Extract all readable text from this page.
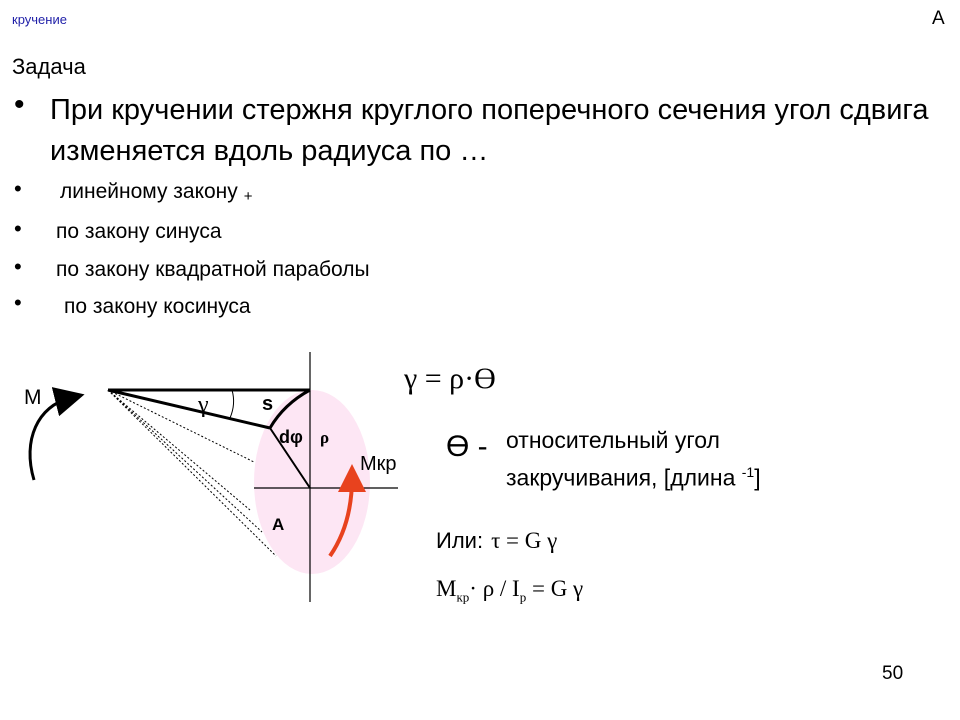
кручение	A
Задача
• При кручении стержня круглого поперечного сечения угол сдвига изменяется вдоль радиуса по …
• линейному закону +
• по закону синуса
• по закону квадратной параболы
• по закону косинуса
M	γ	s
dφ ρ
Mкр
A
γ = ρ·ϴ
ϴ - относительный угол закручивания, [длина $^{-1}$]
Или: τ = G γ
$M_{кр}\cdot \rho / I_p = G$ γ
50
